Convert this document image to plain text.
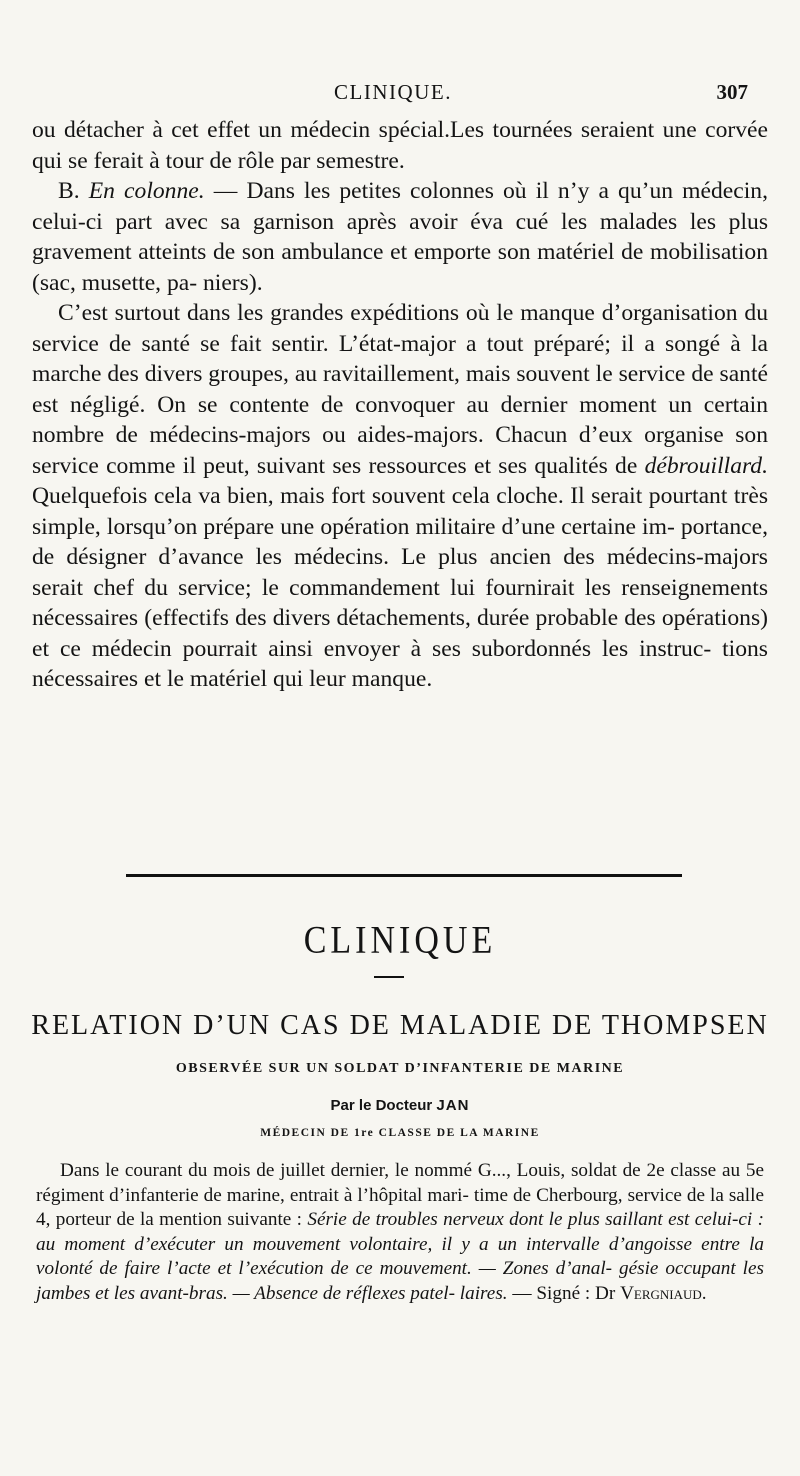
CLINIQUE.	307

ou détacher à cet effet un médecin spécial.Les tournées seraient une corvée qui se ferait à tour de rôle par semestre.

B. En colonne. — Dans les petites colonnes où il n’y a qu’un médecin, celui-ci part avec sa garnison après avoir éva cué les malades les plus gravement atteints de son ambulance et emporte son matériel de mobilisation (sac, musette, pa- niers).

C’est surtout dans les grandes expéditions où le manque d’organisation du service de santé se fait sentir. L’état-major a tout préparé; il a songé à la marche des divers groupes, au ravitaillement, mais souvent le service de santé est négligé. On se contente de convoquer au dernier moment un certain nombre de médecins-majors ou aides-majors. Chacun d’eux organise son service comme il peut, suivant ses ressources et ses qualités de débrouillard. Quelquefois cela va bien, mais fort souvent cela cloche. Il serait pourtant très simple, lorsqu’on prépare une opération militaire d’une certaine im- portance, de désigner d’avance les médecins. Le plus ancien des médecins-majors serait chef du service; le commandement lui fournirait les renseignements nécessaires (effectifs des divers détachements, durée probable des opérations) et ce médecin pourrait ainsi envoyer à ses subordonnés les instruc- tions nécessaires et le matériel qui leur manque.

CLINIQUE
RELATION D’UN CAS DE MALADIE DE THOMPSEN
OBSERVÉE SUR UN SOLDAT D’INFANTERIE DE MARINE
Par le Docteur JAN
MÉDECIN DE 1re CLASSE DE LA MARINE

Dans le courant du mois de juillet dernier, le nommé G..., Louis, soldat de 2e classe au 5e régiment d’infanterie de marine, entrait à l’hôpital mari- time de Cherbourg, service de la salle 4, porteur de la mention suivante : Série de troubles nerveux dont le plus saillant est celui-ci : au moment d’exécuter un mouvement volontaire, il y a un intervalle d’angoisse entre la volonté de faire l’acte et l’exécution de ce mouvement. — Zones d’anal- gésie occupant les jambes et les avant-bras. — Absence de réflexes patel- laires. — Signé : Dr Vergniaud.
